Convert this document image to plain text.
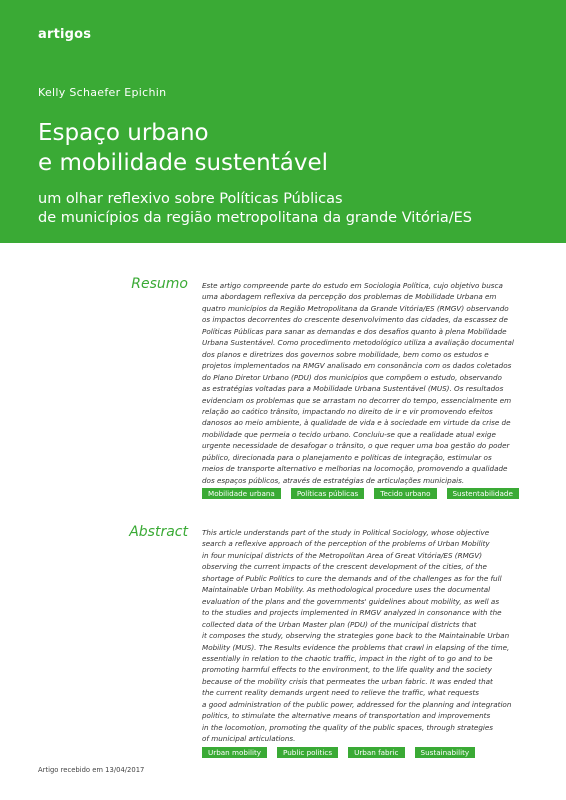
artigos
Kelly Schaefer Epichin
Espaço urbano
e mobilidade sustentável
um olhar reflexivo sobre Políticas Públicas
de municípios da região metropolitana da grande Vitória/ES
Resumo Este artigo compreende parte do estudo em Sociologia Política, cujo objetivo busca
uma abordagem reflexiva da percepção dos problemas de Mobilidade Urbana em
quatro municípios da Região Metropolitana da Grande Vitória/ES (RMGV) observando
os impactos decorrentes do crescente desenvolvimento das cidades, da escassez de
Políticas Públicas para sanar as demandas e dos desafios quanto à plena Mobilidade
Urbana Sustentável. Como procedimento metodológico utiliza a avaliação documental
dos planos e diretrizes dos governos sobre mobilidade, bem como os estudos e
projetos implementados na RMGV analisado em consonância com os dados coletados
do Plano Diretor Urbano (PDU) dos municípios que compõem o estudo, observando
as estratégias voltadas para a Mobilidade Urbana Sustentável (MUS). Os resultados
evidenciam os problemas que se arrastam no decorrer do tempo, essencialmente em
relação ao caótico trânsito, impactando no direito de ir e vir promovendo efeitos
danosos ao meio ambiente, à qualidade de vida e à sociedade em virtude da crise de
mobilidade que permeia o tecido urbano. Concluiu-se que a realidade atual exige
urgente necessidade de desafogar o trânsito, o que requer uma boa gestão do poder
público, direcionada para o planejamento e políticas de integração, estimular os
meios de transporte alternativo e melhorias na locomoção, promovendo a qualidade
dos espaços públicos, através de estratégias de articulações municipais.

Mobilidade urbana	Políticas públicas	Tecido urbano	Sustentabilidade
Abstract This article understands part of the study in Political Sociology, whose objective
search a reflexive approach of the perception of the problems of Urban Mobility
in four municipal districts of the Metropolitan Area of Great Vitória/ES (RMGV)
observing the current impacts of the crescent development of the cities, of the
shortage of Public Politics to cure the demands and of the challenges as for the full
Maintainable Urban Mobility. As methodological procedure uses the documental
evaluation of the plans and the governments' guidelines about mobility, as well as
to the studies and projects implemented in RMGV analyzed in consonance with the
collected data of the Urban Master plan (PDU) of the municipal districts that
it composes the study, observing the strategies gone back to the Maintainable Urban
Mobility (MUS). The Results evidence the problems that crawl in elapsing of the time,
essentially in relation to the chaotic traffic, impact in the right of to go and to be
promoting harmful effects to the environment, to the life quality and the society
because of the mobility crisis that permeates the urban fabric. It was ended that
the current reality demands urgent need to relieve the traffic, what requests
a good administration of the public power, addressed for the planning and integration
politics, to stimulate the alternative means of transportation and improvements
in the locomotion, promoting the quality of the public spaces, through strategies
of municipal articulations.

Urban mobility	Public politics	Urban fabric	Sustainability
Artigo recebido em 13/04/2017
